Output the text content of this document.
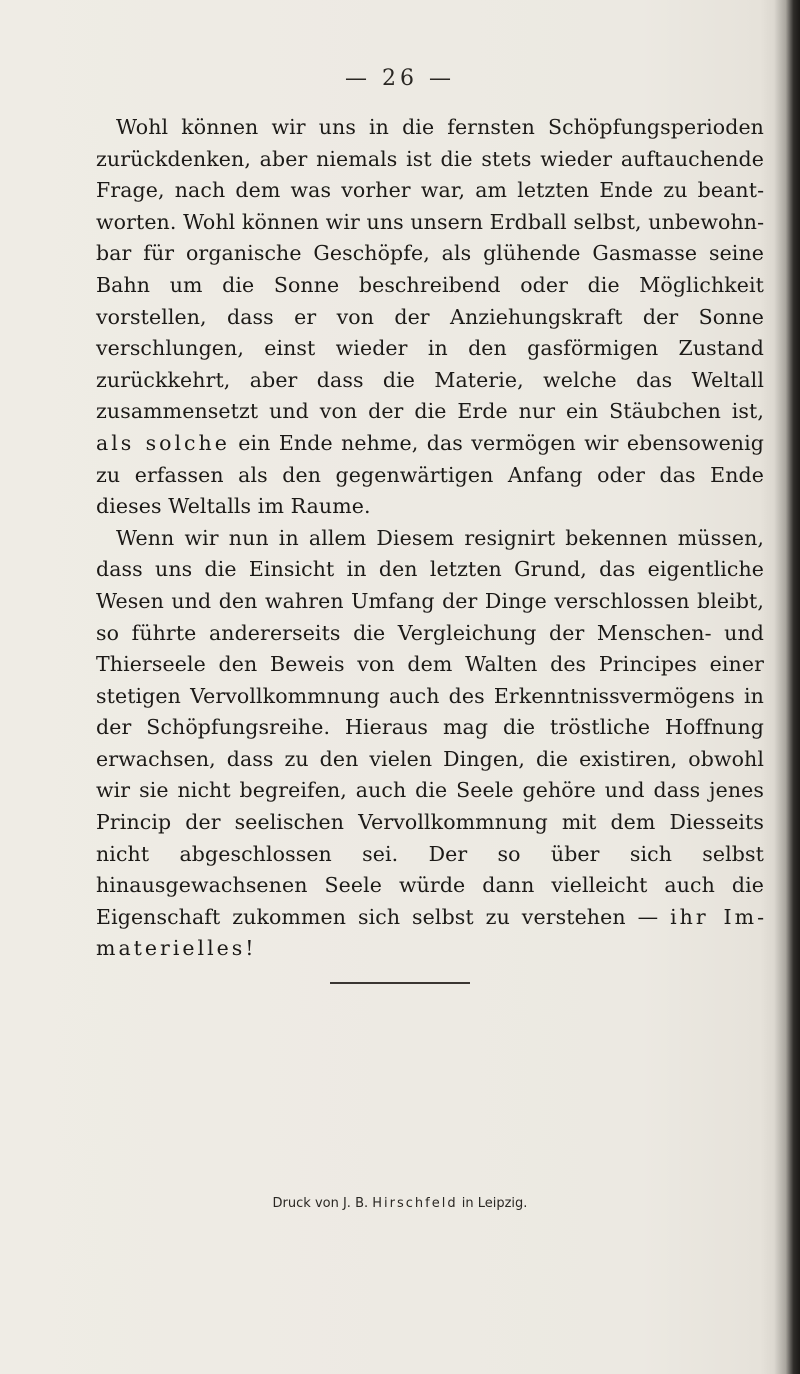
— 26 —

Wohl können wir uns in die fernsten Schöpfungsperioden zurückdenken, aber niemals ist die stets wieder auftauchende Frage, nach dem was vorher war, am letzten Ende zu beantworten. Wohl können wir uns unsern Erdball selbst, unbewohnbar für organische Geschöpfe, als glühende Gasmasse seine Bahn um die Sonne beschreibend oder die Möglichkeit vorstellen, dass er von der Anziehungskraft der Sonne verschlungen, einst wieder in den gasförmigen Zustand zurückkehrt, aber dass die Materie, welche das Weltall zusammensetzt und von der die Erde nur ein Stäubchen ist, als solche ein Ende nehme, das vermögen wir ebensowenig zu erfassen als den gegenwärtigen Anfang oder das Ende dieses Weltalls im Raume.

Wenn wir nun in allem Diesem resignirt bekennen müssen, dass uns die Einsicht in den letzten Grund, das eigentliche Wesen und den wahren Umfang der Dinge verschlossen bleibt, so führte andererseits die Vergleichung der Menschen- und Thierseele den Beweis von dem Walten des Principes einer stetigen Vervollkommnung auch des Erkenntnissvermögens in der Schöpfungsreihe. Hieraus mag die tröstliche Hoffnung erwachsen, dass zu den vielen Dingen, die existiren, obwohl wir sie nicht begreifen, auch die Seele gehöre und dass jenes Princip der seelischen Vervollkommnung mit dem Diesseits nicht abgeschlossen sei. Der so über sich selbst hinausgewachsenen Seele würde dann vielleicht auch die Eigenschaft zukommen sich selbst zu verstehen — ihr Immaterielles!

Druck von J. B. Hirschfeld in Leipzig.
